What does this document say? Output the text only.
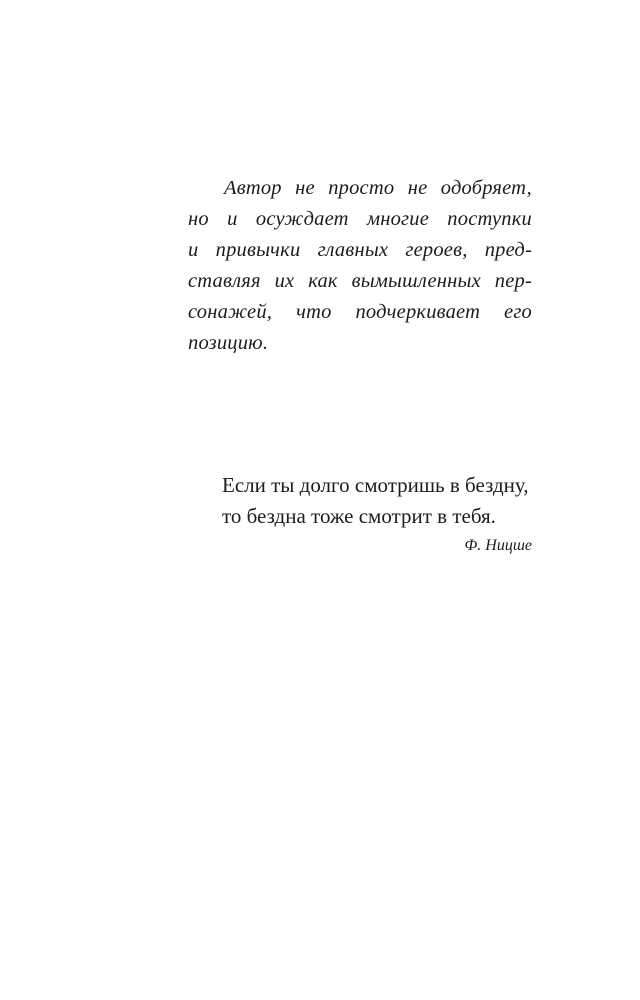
Автор не просто не одобряет,
но и осуждает многие поступки
и привычки главных героев, пред-
ставляя их как вымышленных пер-
сонажей, что подчеркивает его
позицию.
Если ты долго смотришь в бездну,
то бездна тоже смотрит в тебя.
Ф. Ницше
